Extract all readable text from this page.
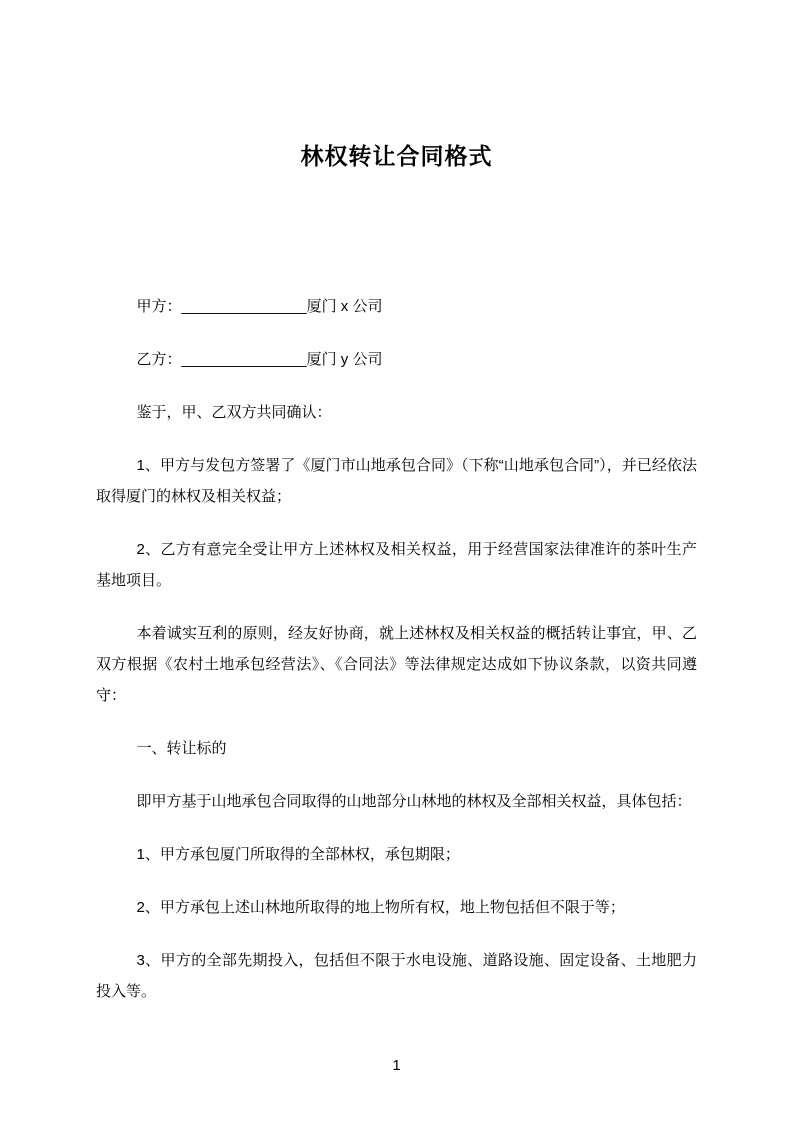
林权转让合同格式

甲方：_______________厦门 x 公司

乙方：_______________厦门 y 公司

鉴于，甲、乙双方共同确认：

1、甲方与发包方签署了《厦门市山地承包合同》（下称“山地承包合同”），并已经依法取得厦门的林权及相关权益；

2、乙方有意完全受让甲方上述林权及相关权益，用于经营国家法律准许的茶叶生产基地项目。

本着诚实互利的原则，经友好协商，就上述林权及相关权益的概括转让事宜，甲、乙双方根据《农村土地承包经营法》、《合同法》等法律规定达成如下协议条款，以资共同遵守：

一、转让标的

即甲方基于山地承包合同取得的山地部分山林地的林权及全部相关权益，具体包括：

1、甲方承包厦门所取得的全部林权，承包期限；

2、甲方承包上述山林地所取得的地上物所有权，地上物包括但不限于等；

3、甲方的全部先期投入，包括但不限于水电设施、道路设施、固定设备、土地肥力投入等。

1
